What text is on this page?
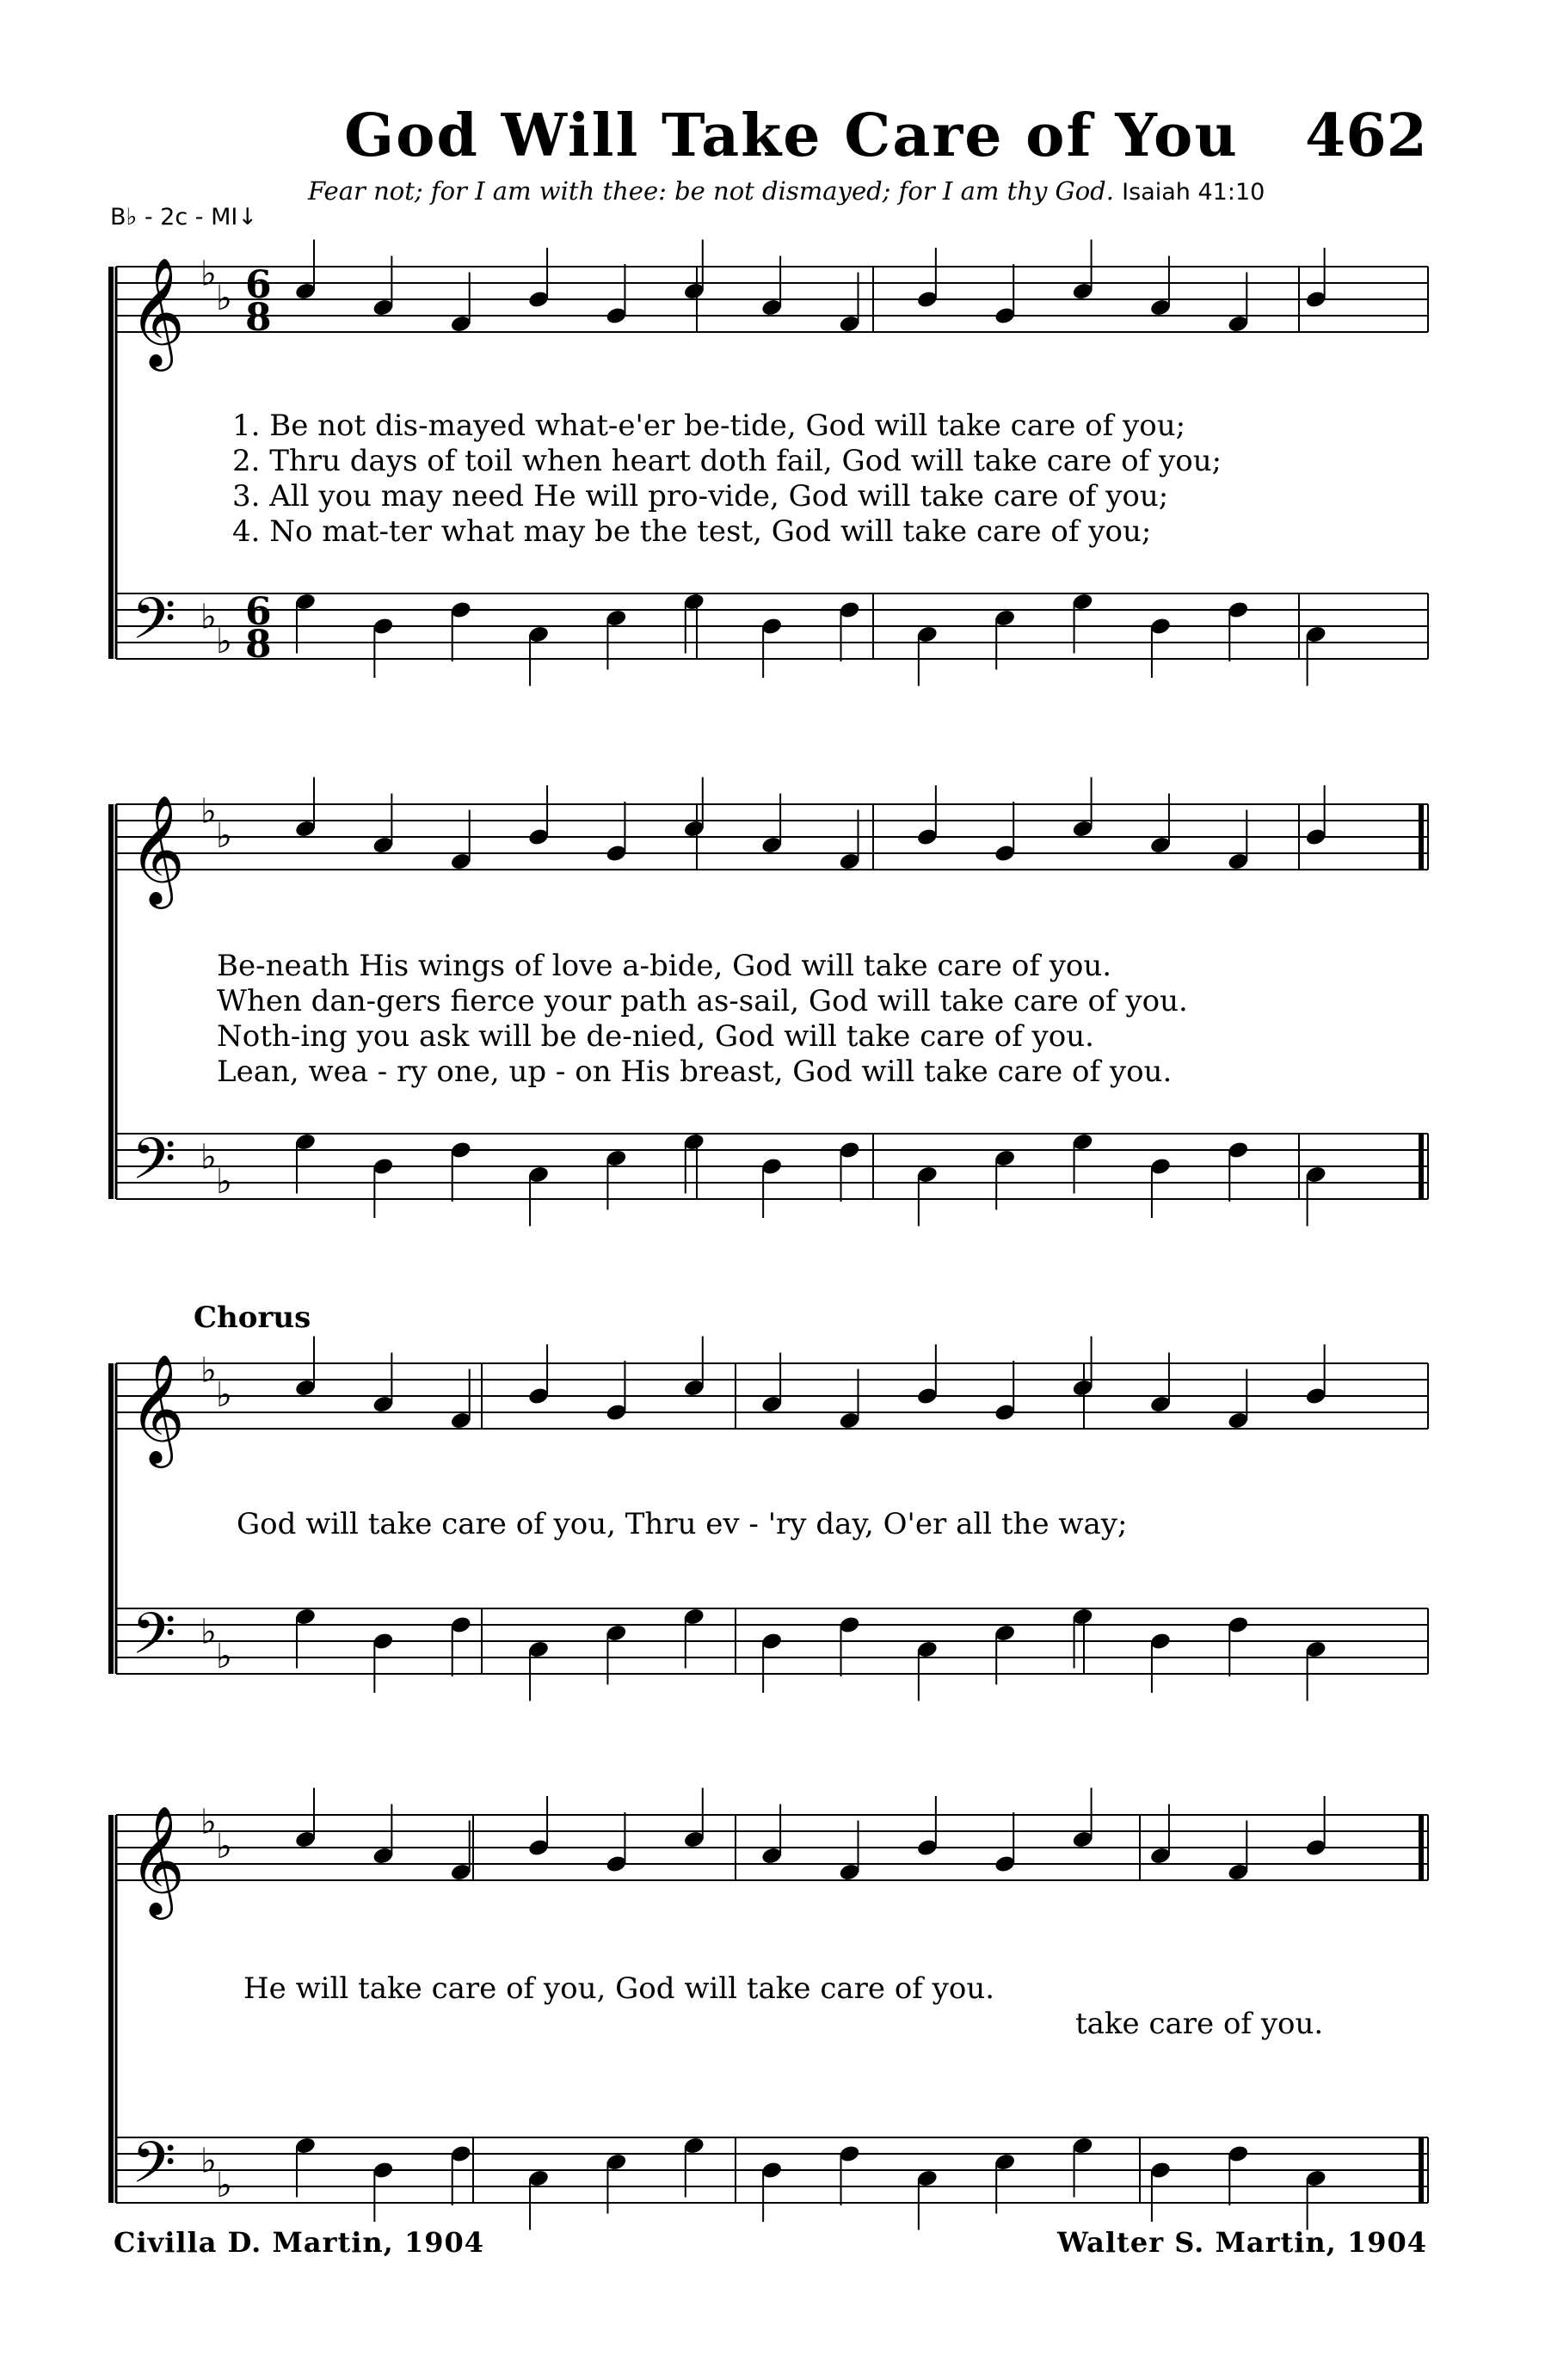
God Will Take Care of You 462
Fear not; for I am with thee: be not dismayed; for I am thy God. Isaiah 41:10
B♭ - 2c - MI↓
𝄞
𝄢
♭
♭
♭
♭
6
6
8
8
𝄞
𝄢
♭
♭
♭
♭
𝄞
𝄢
♭
♭
♭
♭
𝄞
𝄢
♭
♭
♭
♭
1. Be not dis-mayed what-e'er be-tide, God will take care of you;
2. Thru days of toil when heart doth fail, God will take care of you;
3. All you may need He will pro-vide, God will take care of you;
4. No mat-ter what may be the test, God will take care of you;
Be-neath His wings of love a-bide, God will take care of you.
When dan-gers fierce your path as-sail, God will take care of you.
Noth-ing you ask will be de-nied, God will take care of you.
Lean, wea - ry one, up - on His breast, God will take care of you.
Chorus
God will take care of you, Thru ev - 'ry day, O'er all the way;
He will take care of you, God will take care of you.
take care of you.
Civilla D. Martin, 1904	Walter S. Martin, 1904
